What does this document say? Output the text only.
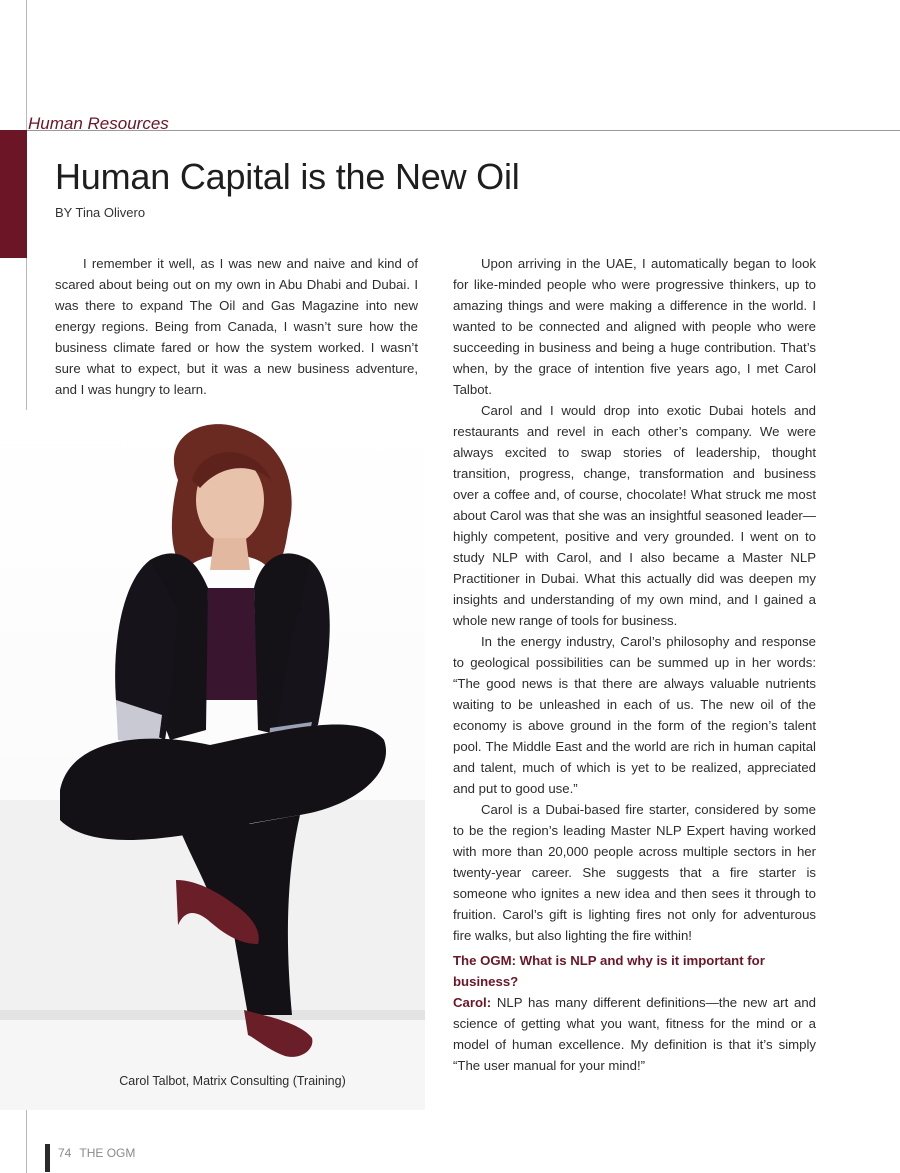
Human Resources
Human Capital is the New Oil
BY Tina Olivero

I remember it well, as I was new and naive and kind of scared about being out on my own in Abu Dhabi and Dubai. I was there to expand The Oil and Gas Magazine into new energy regions. Being from Canada, I wasn’t sure how the business climate fared or how the system worked. I wasn’t sure what to expect, but it was a new business adventure, and I was hungry to learn.

Carol Talbot, Matrix Consulting (Training)

Upon arriving in the UAE, I automatically began to look for like-minded people who were progressive thinkers, up to amazing things and were making a difference in the world. I wanted to be connected and aligned with people who were succeeding in business and being a huge contribution. That’s when, by the grace of intention five years ago, I met Carol Talbot.

Carol and I would drop into exotic Dubai hotels and restaurants and revel in each other’s company. We were always excited to swap stories of leadership, thought transition, progress, change, transformation and business over a coffee and, of course, chocolate! What struck me most about Carol was that she was an insightful seasoned leader—highly competent, positive and very grounded. I went on to study NLP with Carol, and I also became a Master NLP Practitioner in Dubai. What this actually did was deepen my insights and understanding of my own mind, and I gained a whole new range of tools for business.

In the energy industry, Carol’s philosophy and response to geological possibilities can be summed up in her words: “The good news is that there are always valuable nutrients waiting to be unleashed in each of us. The new oil of the economy is above ground in the form of the region’s talent pool. The Middle East and the world are rich in human capital and talent, much of which is yet to be realized, appreciated and put to good use.”

Carol is a Dubai-based fire starter, considered by some to be the region’s leading Master NLP Expert having worked with more than 20,000 people across multiple sectors in her twenty-year career. She suggests that a fire starter is someone who ignites a new idea and then sees it through to fruition. Carol’s gift is lighting fires not only for adventurous fire walks, but also lighting the fire within!

The OGM: What is NLP and why is it important for business?
Carol: NLP has many different definitions—the new art and science of getting what you want, fitness for the mind or a model of human excellence. My definition is that it’s simply “The user manual for your mind!”

74 THE OGM
